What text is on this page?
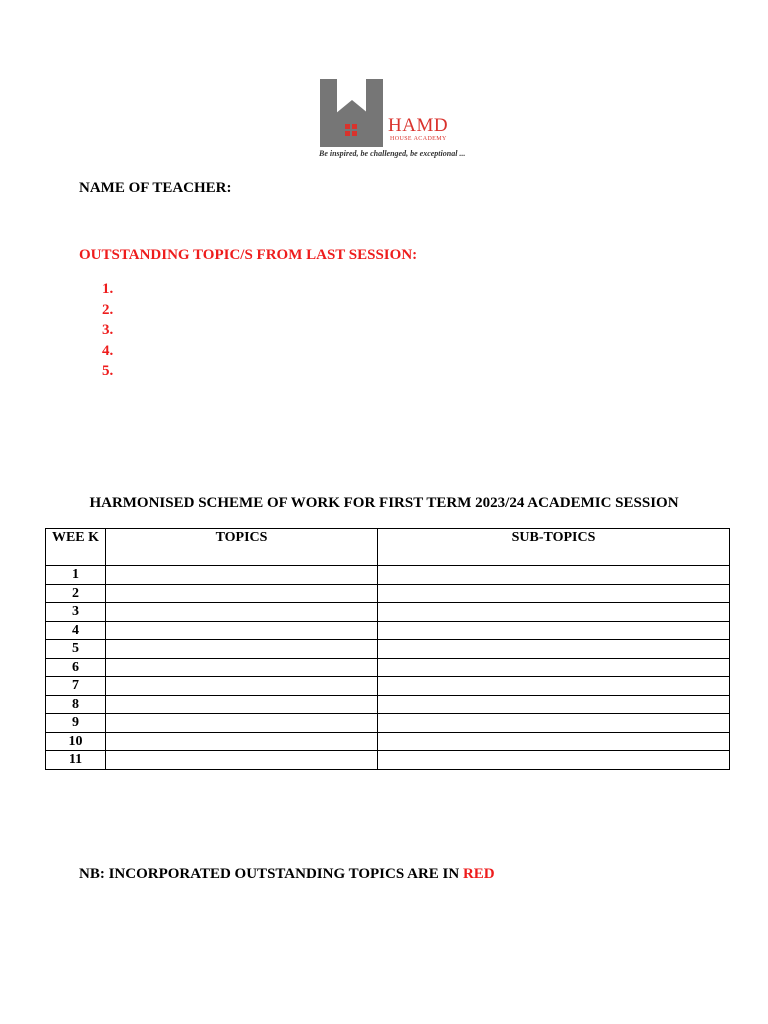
HAMD
HOUSE ACADEMY
Be inspired, be challenged, be exceptional ...
NAME OF TEACHER:
OUTSTANDING TOPIC/S FROM LAST SESSION:
1.
2.
3.
4.
5.
HARMONISED SCHEME OF WORK FOR FIRST TERM 2023/24 ACADEMIC SESSION
WEE K	TOPICS	SUB-TOPICS
1		
2		
3		
4		
5		
6		
7		
8		
9		
10		
11		
NB: INCORPORATED OUTSTANDING TOPICS ARE IN RED
